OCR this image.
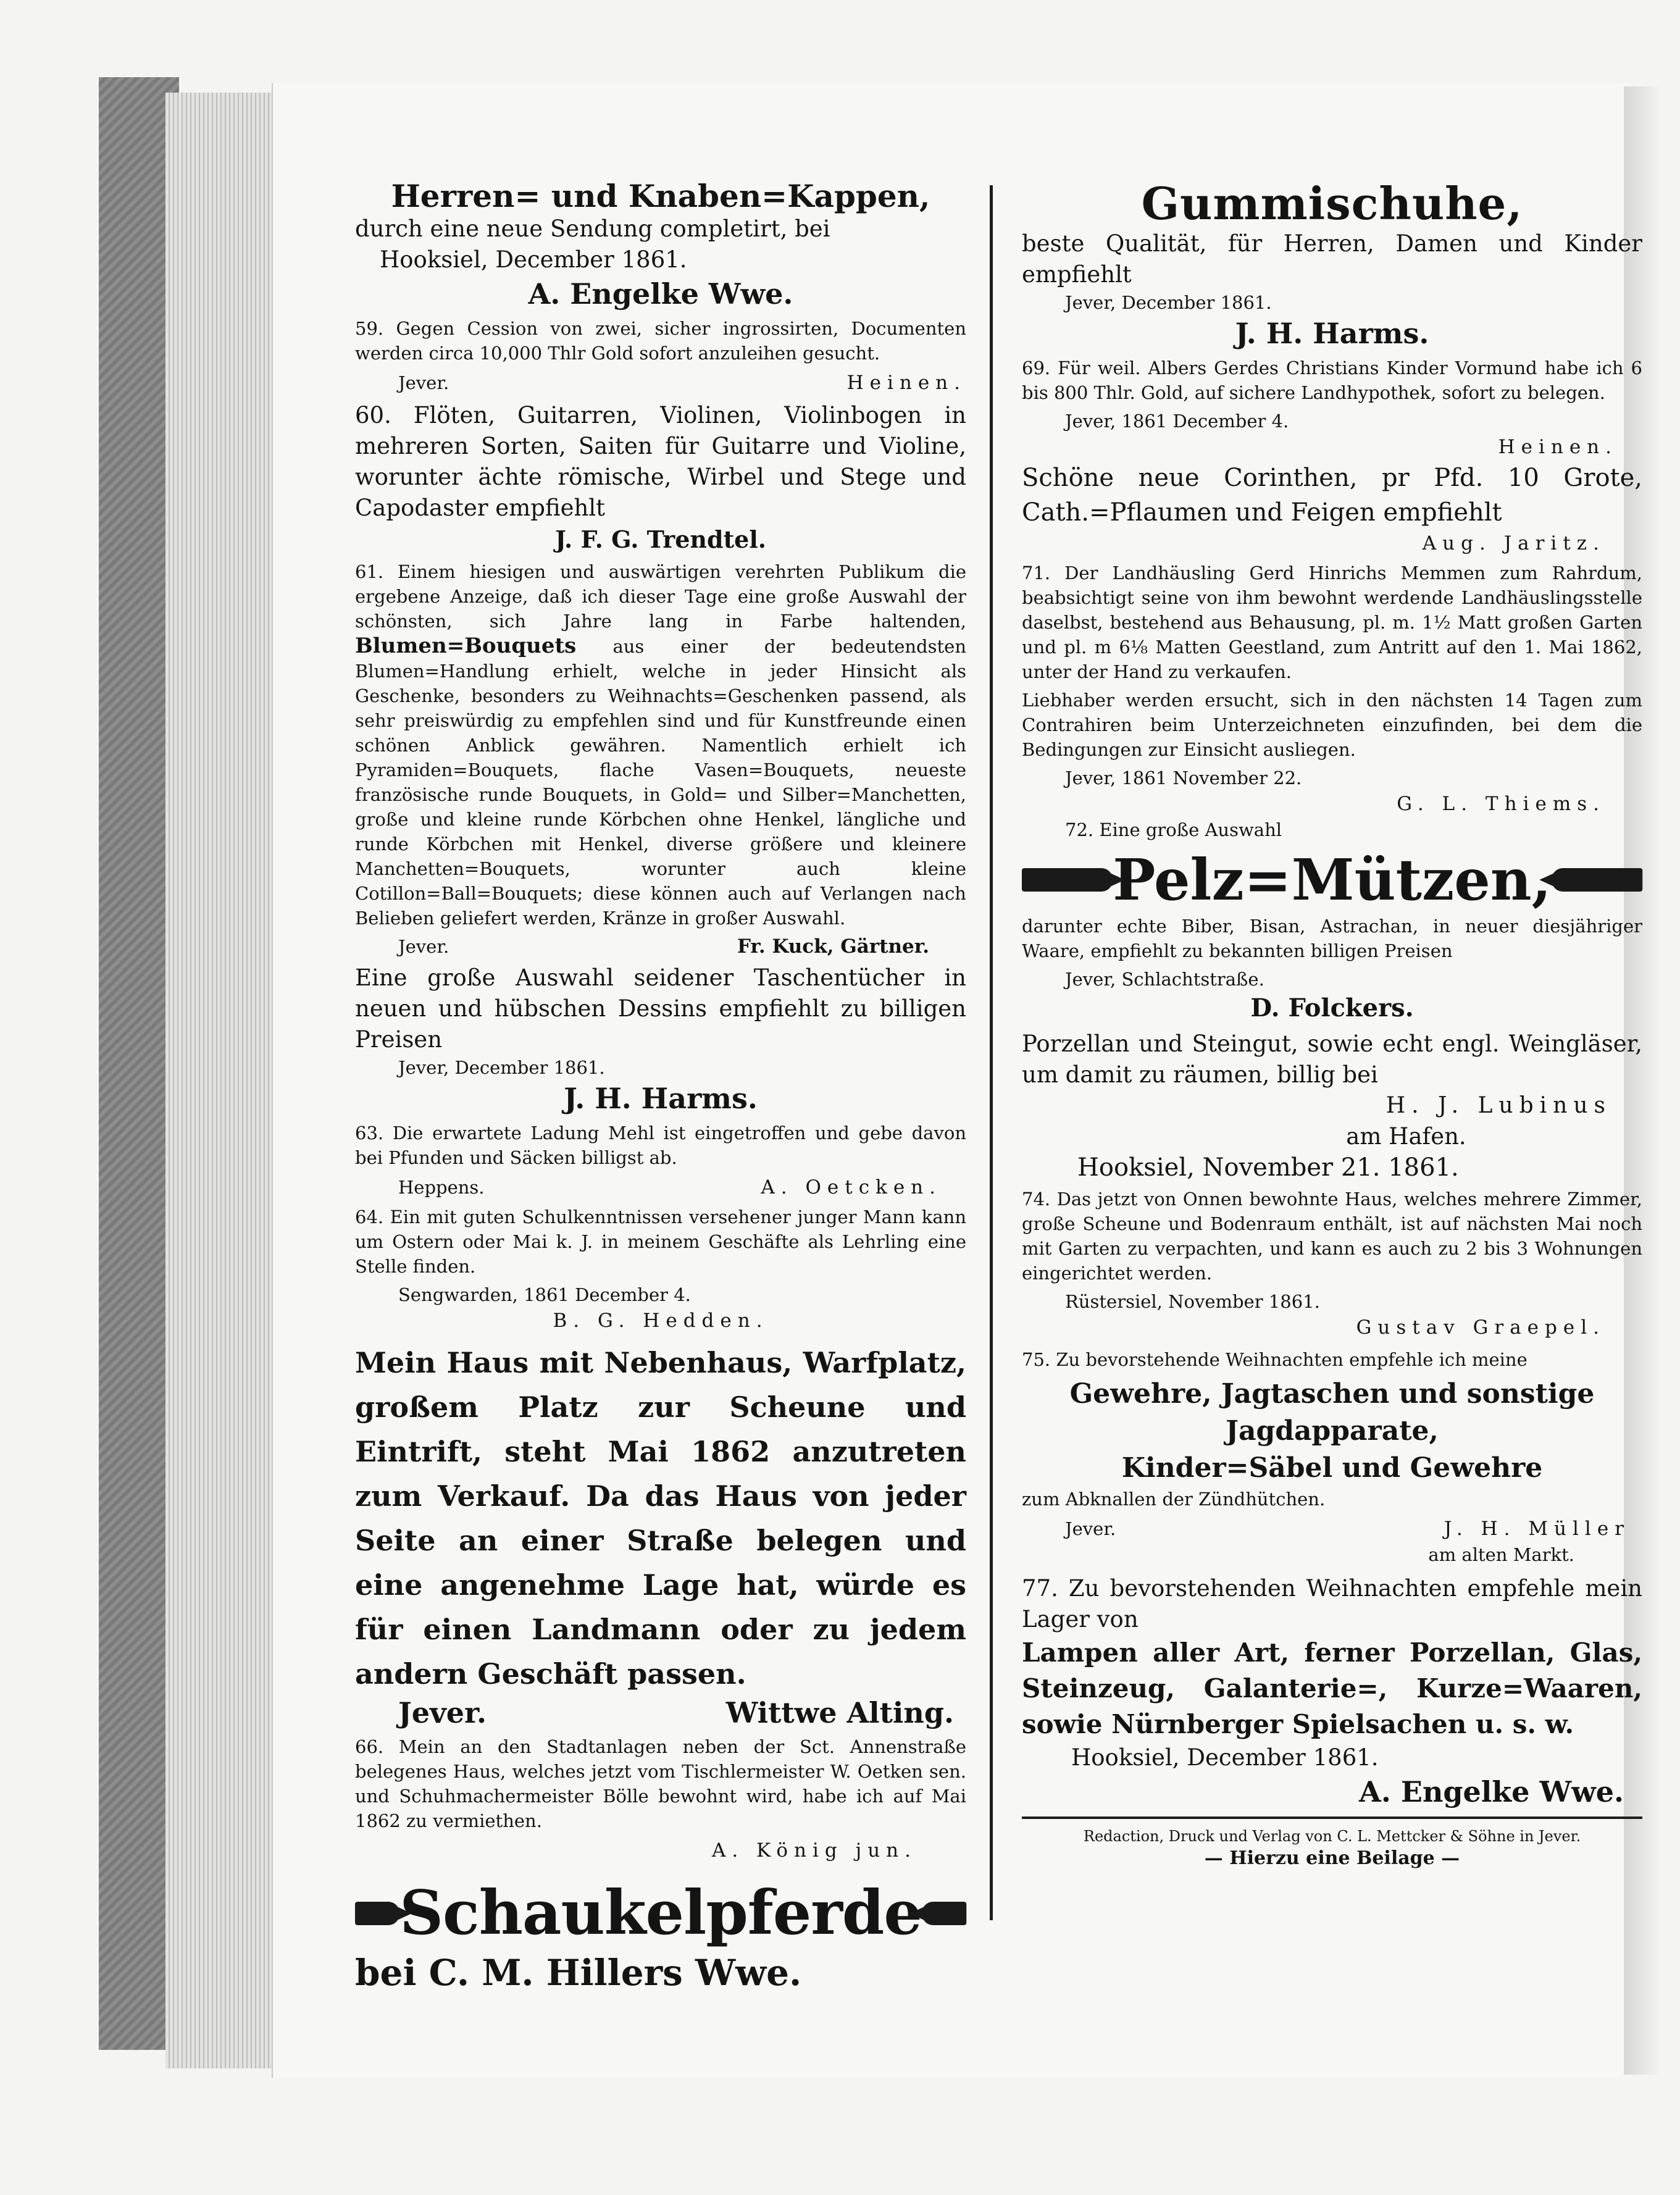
Herren= und Knaben=Kappen,

durch eine neue Sendung completirt, bei

Hooksiel, December 1861.

A. Engelke Wwe.

59. Gegen Cession von zwei, sicher ingrossirten, Documenten werden circa 10,000 Thlr Gold sofort anzuleihen gesucht.

Jever.	Heinen.

60. Flöten, Guitarren, Violinen, Violinbogen in mehreren Sorten, Saiten für Guitarre und Violine, worunter ächte römische, Wirbel und Stege und Capodaster empfiehlt

J. F. G. Trendtel.

61. Einem hiesigen und auswärtigen verehrten Publikum die ergebene Anzeige, daß ich dieser Tage eine große Auswahl der schönsten, sich Jahre lang in Farbe haltenden, Blumen=Bouquets aus einer der bedeutendsten Blumen=Handlung erhielt, welche in jeder Hinsicht als Geschenke, besonders zu Weihnachts=Geschenken passend, als sehr preiswürdig zu empfehlen sind und für Kunstfreunde einen schönen Anblick gewähren. Namentlich erhielt ich Pyramiden=Bouquets, flache Vasen=Bouquets, neueste französische runde Bouquets, in Gold= und Silber=Manchetten, große und kleine runde Körbchen ohne Henkel, längliche und runde Körbchen mit Henkel, diverse größere und kleinere Manchetten=Bouquets, worunter auch kleine Cotillon=Ball=Bouquets; diese können auch auf Verlangen nach Belieben geliefert werden, Kränze in großer Auswahl.

Jever.	Fr. Kuck, Gärtner.

Eine große Auswahl seidener Taschentücher in neuen und hübschen Dessins empfiehlt zu billigen Preisen

Jever, December 1861.

J. H. Harms.

63. Die erwartete Ladung Mehl ist eingetroffen und gebe davon bei Pfunden und Säcken billigst ab.

Heppens.	A. Oetcken.

64. Ein mit guten Schulkenntnissen versehener junger Mann kann um Ostern oder Mai k. J. in meinem Geschäfte als Lehrling eine Stelle finden.

Sengwarden, 1861 December 4.

B. G. Hedden.

Mein Haus mit Nebenhaus, Warfplatz, großem Platz zur Scheune und Eintrift, steht Mai 1862 anzutreten zum Verkauf. Da das Haus von jeder Seite an einer Straße belegen und eine angenehme Lage hat, würde es für einen Landmann oder zu jedem andern Geschäft passen.

Jever.	Wittwe Alting.

66. Mein an den Stadtanlagen neben der Sct. Annenstraße belegenes Haus, welches jetzt vom Tischlermeister W. Oetken sen. und Schuhmachermeister Bölle bewohnt wird, habe ich auf Mai 1862 zu vermiethen.

A. König jun.

Schaukelpferde

bei C. M. Hillers Wwe.

Gummischuhe,

beste Qualität, für Herren, Damen und Kinder empfiehlt

Jever, December 1861.

J. H. Harms.

69. Für weil. Albers Gerdes Christians Kinder Vormund habe ich 6 bis 800 Thlr. Gold, auf sichere Landhypothek, sofort zu belegen.

Jever, 1861 December 4.

Heinen.

Schöne neue Corinthen, pr Pfd. 10 Grote, Cath.=Pflaumen und Feigen empfiehlt

Aug. Jaritz.

71. Der Landhäusling Gerd Hinrichs Memmen zum Rahrdum, beabsichtigt seine von ihm bewohnt werdende Landhäuslingsstelle daselbst, bestehend aus Behausung, pl. m. 1½ Matt großen Garten und pl. m 6⅛ Matten Geestland, zum Antritt auf den 1. Mai 1862, unter der Hand zu verkaufen.

Liebhaber werden ersucht, sich in den nächsten 14 Tagen zum Contrahiren beim Unterzeichneten einzufinden, bei dem die Bedingungen zur Einsicht ausliegen.

Jever, 1861 November 22.

G. L. Thiems.

72. Eine große Auswahl

Pelz=Mützen,

darunter echte Biber, Bisan, Astrachan, in neuer diesjähriger Waare, empfiehlt zu bekannten billigen Preisen

Jever, Schlachtstraße.

D. Folckers.

Porzellan und Steingut, sowie echt engl. Weingläser, um damit zu räumen, billig bei

H. J. Lubinus

am Hafen.

Hooksiel, November 21. 1861.

74. Das jetzt von Onnen bewohnte Haus, welches mehrere Zimmer, große Scheune und Bodenraum enthält, ist auf nächsten Mai noch mit Garten zu verpachten, und kann es auch zu 2 bis 3 Wohnungen eingerichtet werden.

Rüstersiel, November 1861.

Gustav Graepel.

75. Zu bevorstehende Weihnachten empfehle ich meine

Gewehre, Jagtaschen und sonstige Jagdapparate,

Kinder=Säbel und Gewehre

zum Abknallen der Zündhütchen.

Jever.	J. H. Müller

am alten Markt.

77. Zu bevorstehenden Weihnachten empfehle mein Lager von

Lampen aller Art, ferner Porzellan, Glas, Steinzeug, Galanterie=, Kurze=Waaren, sowie Nürnberger Spielsachen u. s. w.

Hooksiel, December 1861.

A. Engelke Wwe.

Redaction, Druck und Verlag von C. L. Mettcker & Söhne in Jever.

— Hierzu eine Beilage —
